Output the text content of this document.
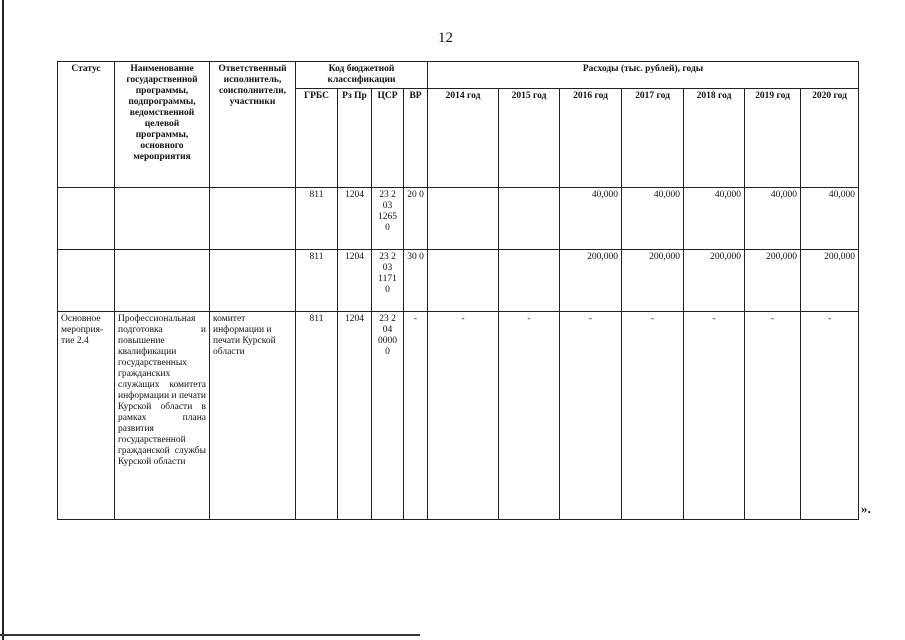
12
Статус	Наименование государственной программы, подпрограммы, ведомственной целевой программы, основного мероприятия	Ответственный исполнитель, соисполнители, участники	Код бюджетной классификации				Расходы (тыс. рублей), годы						
			ГРБС	Рз Пр	ЦСР	ВР	2014 год	2015 год	2016 год	2017 год	2018 год	2019 год	2020 год
			811	1204	23 2 03 1265 0	20 0			40,000	40,000	40,000	40,000	40,000
			811	1204	23 2 03 1171 0	30 0			200,000	200,000	200,000	200,000	200,000
Основное мероприя-тие 2.4	Профессиональная подготовка и повышение квалификации государственных гражданских служащих комитета информации и печати Курской области в рамках плана развития государственной гражданской службы Курской области	комитет информации и печати Курской области	811	1204	23 2 04 0000 0	-	-	-	-	-	-	-	-
».
